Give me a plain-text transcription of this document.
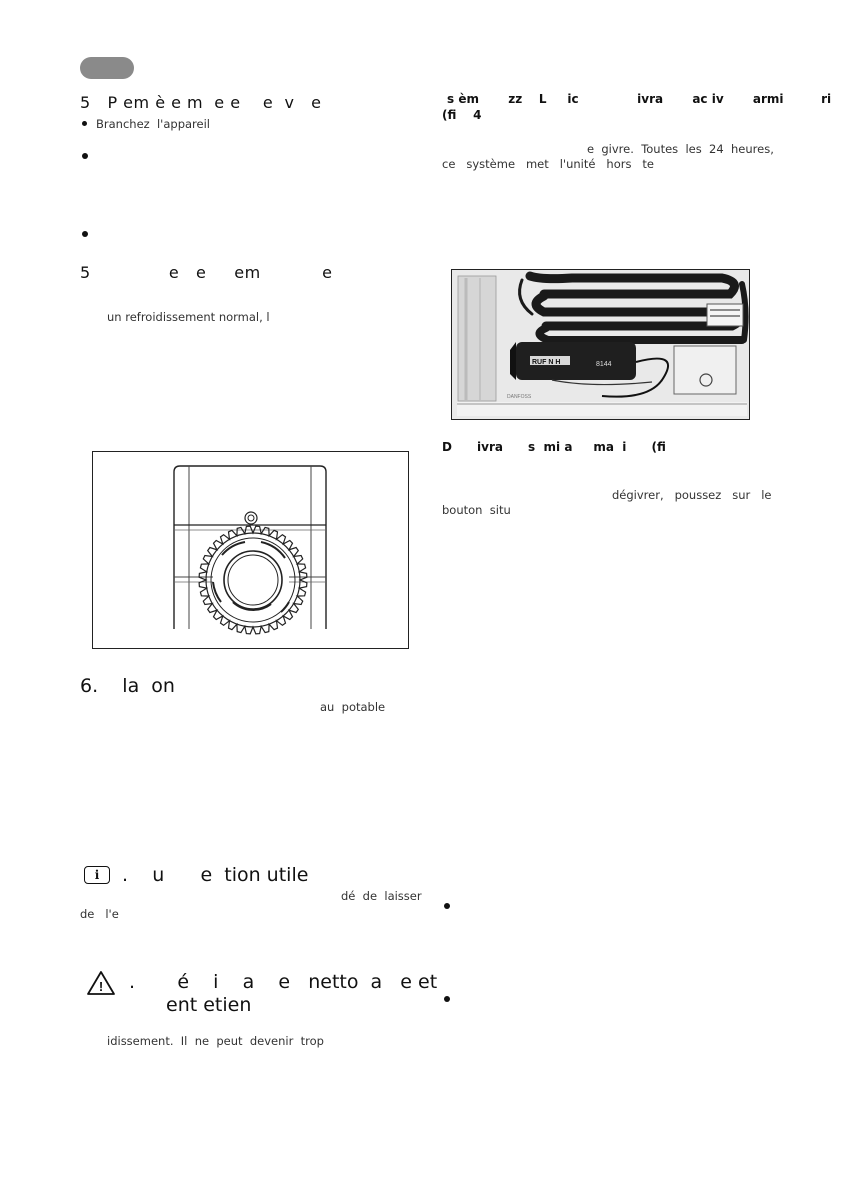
5   P em è e m  e e    e  v   e
Branchez  l'appareil
5              e   e     em           e
un refroidissement normal, l
6.    la  on
au  potable
i .    u      e  tion utile
dé  de  laisser
de   l'e
! .       é    i    a    e   netto  a   e et
ent etien
idissement.  Il  ne  peut  devenir  trop
s èm       zz    L     ic              ivra       ac iv       armi         ri
(fi    4
e  givre.  Toutes  les  24  heures,
ce   système   met   l'unité   hors   te
RUF N H	8144
DANFOSS
D      ivra      s  mi a     ma  i      (fi
dégivrer,   poussez   sur   le
bouton  situ
